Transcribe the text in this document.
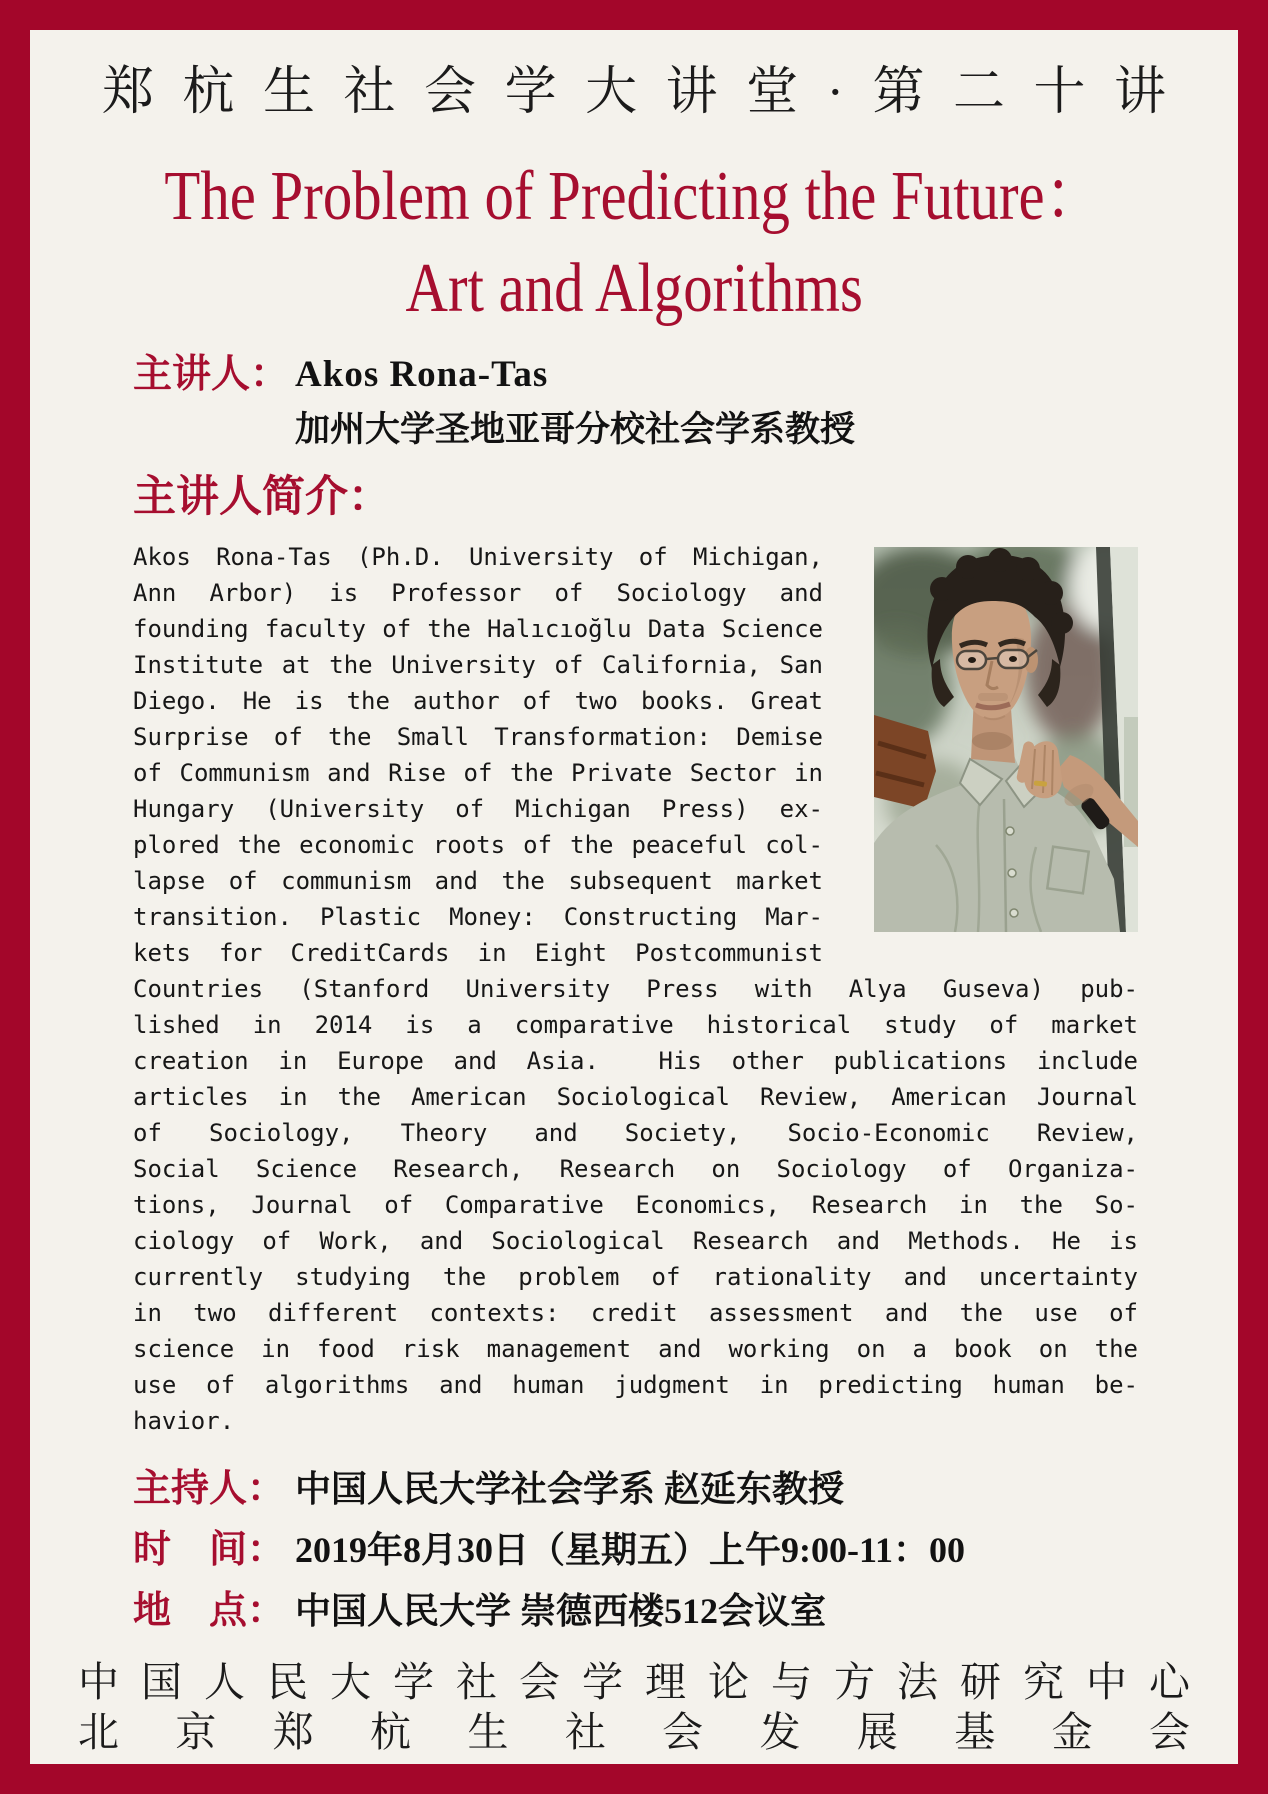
郑杭生社会学大讲堂·第二十讲
The Problem of Predicting the Future：
Art and Algorithms
主讲人： Akos Rona-Tas
加州大学圣地亚哥分校社会学系教授
主讲人简介：
Akos Rona-Tas (Ph.D. University of Michigan,
Ann Arbor) is Professor of Sociology and
founding faculty of the Halıcıoğlu Data Science
Institute at the University of California, San
Diego. He is the author of two books. Great
Surprise of the Small Transformation: Demise
of Communism and Rise of the Private Sector in
Hungary (University of Michigan Press) ex-
plored the economic roots of the peaceful col-
lapse of communism and the subsequent market
transition. Plastic Money: Constructing Mar-
kets for CreditCards in Eight Postcommunist
Countries (Stanford University Press with Alya Guseva) pub-
lished in 2014 is a comparative historical study of market
creation in Europe and Asia.  His other publications include
articles in the American Sociological Review, American Journal
of Sociology, Theory and Society, Socio-Economic Review,
Social Science Research, Research on Sociology of Organiza-
tions, Journal of Comparative Economics, Research in the So-
ciology of Work, and Sociological Research and Methods. He is
currently studying the problem of rationality and uncertainty
in two different contexts: credit assessment and the use of
science in food risk management and working on a book on the
use of algorithms and human judgment in predicting human be-
havior.
主持人： 中国人民大学社会学系 赵延东教授
时　间： 2019年8月30日（星期五）上午9:00-11：00
地　点： 中国人民大学 崇德西楼512会议室
中国人民大学社会学理论与方法研究中心
北京郑杭生社会发展基金会
